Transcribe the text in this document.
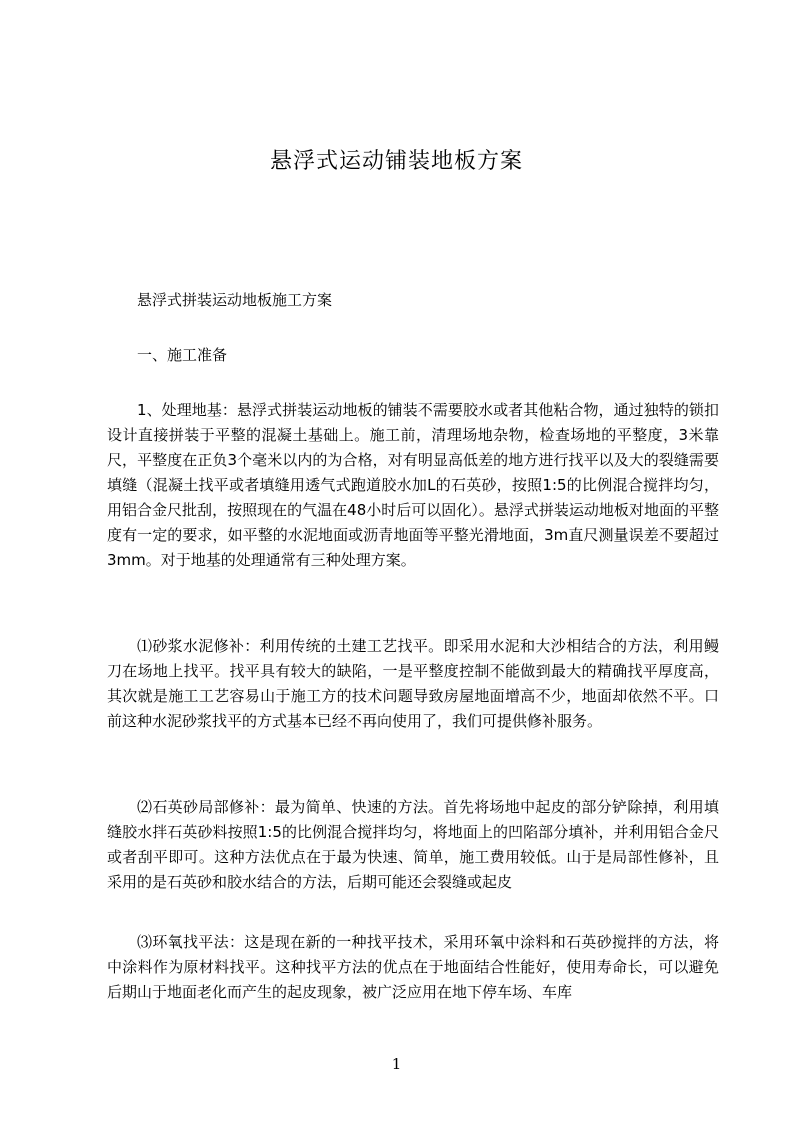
悬浮式运动铺装地板方案
悬浮式拼装运动地板施工方案
一、施工准备
1、处理地基：悬浮式拼装运动地板的铺装不需要胶水或者其他粘合物，通过独特的锁扣设计直接拼装于平整的混凝土基础上。施工前，清理场地杂物，检查场地的平整度，3米靠尺，平整度在正负3个毫米以内的为合格，对有明显高低差的地方进行找平以及大的裂缝需要填缝（混凝土找平或者填缝用透气式跑道胶水加L的石英砂，按照1:5的比例混合搅拌均匀，用铝合金尺批刮，按照现在的气温在48小时后可以固化）。悬浮式拼装运动地板对地面的平整度有一定的要求，如平整的水泥地面或沥青地面等平整光滑地面，3m直尺测量误差不要超过3mm。对于地基的处理通常有三种处理方案。
⑴砂浆水泥修补：利用传统的土建工艺找平。即采用水泥和大沙相结合的方法，利用鳗刀在场地上找平。找平具有较大的缺陷，一是平整度控制不能做到最大的精确找平厚度高，其次就是施工工艺容易山于施工方的技术问题导致房屋地面增高不少，地面却依然不平。口前这种水泥砂浆找平的方式基本已经不再向使用了，我们可提供修补服务。
⑵石英砂局部修补：最为简单、快速的方法。首先将场地中起皮的部分铲除掉，利用填缝胶水拌石英砂料按照1:5的比例混合搅拌均匀，将地面上的凹陷部分填补，并利用铝合金尺或者刮平即可。这种方法优点在于最为快速、简单，施工费用较低。山于是局部性修补，且采用的是石英砂和胶水结合的方法，后期可能还会裂缝或起皮
⑶环氧找平法：这是现在新的一种找平技术，采用环氧中涂料和石英砂搅拌的方法，将中涂料作为原材料找平。这种找平方法的优点在于地面结合性能好，使用寿命长，可以避免后期山于地面老化而产生的起皮现象，被广泛应用在地下停车场、车库
1
